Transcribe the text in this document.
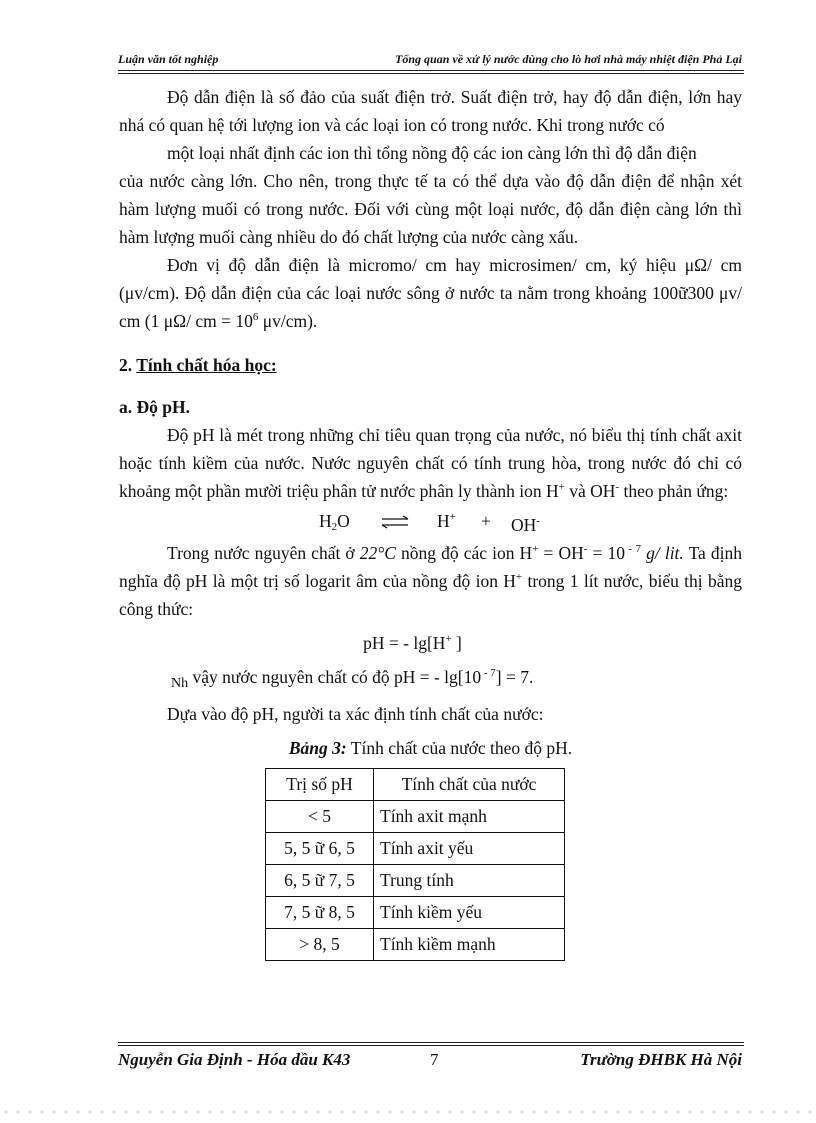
Luận văn tốt nghiệp	Tổng quan về xử lý nước dùng cho lò hơi nhà máy nhiệt điện Phả Lại

Độ dẫn điện là số đảo của suất điện trở. Suất điện trở, hay độ dẫn điện, lớn hay nhá có quan hệ tới lượng ion và các loại ion có trong nước. Khi trong nước có

một loại nhất định các ion thì tổng nồng độ các ion càng lớn thì độ dẫn điện

của nước càng lớn. Cho nên, trong thực tế ta có thể dựa vào độ dẫn điện để nhận xét hàm lượng muối có trong nước. Đối với cùng một loại nước, độ dẫn điện càng lớn thì hàm lượng muối càng nhiều do đó chất lượng của nước càng xấu.

Đơn vị độ dẫn điện là micromo/ cm hay microsimen/ cm, ký hiệu μΩ/ cm (μv/cm). Độ dẫn điện của các loại nước sông ở nước ta nằm trong khoảng 100ữ300 μv/ cm (1 μΩ/ cm = $10^6$ μv/cm).

2. Tính chất hóa học:

a. Độ pH.

Độ pH là mét trong những chỉ tiêu quan trọng của nước, nó biểu thị tính chất axit hoặc tính kiềm của nước. Nước nguyên chất có tính trung hòa, trong nước đó chỉ có khoảng một phần mười triệu phân tử nước phân ly thành ion H+ và OH- theo phản ứng:

$H_2O$	H+ + OH-

Trong nước nguyên chất ở 22°C nồng độ các ion H+ = OH- = 10 $^{- 7}$ g/ lit. Ta định nghĩa độ pH là một trị số logarit âm của nồng độ ion H+ trong 1 lít nước, biểu thị bằng công thức:

pH = - lg[H+ ]

$_{Nh}$ vậy nước nguyên chất có độ pH = - lg[10 $^{- 7}$] = 7.

Dựa vào độ pH, người ta xác định tính chất của nước:

Bảng 3: Tính chất của nước theo độ pH.

Trị số pH	Tính chất của nước
< 5	Tính axit mạnh
5, 5 ữ 6, 5	Tính axit yếu
6, 5 ữ 7, 5	Trung tính
7, 5 ữ 8, 5	Tính kiềm yếu
> 8, 5	Tính kiềm mạnh
Nguyễn Gia Định - Hóa dầu K43	7	Trường ĐHBK Hà Nội
